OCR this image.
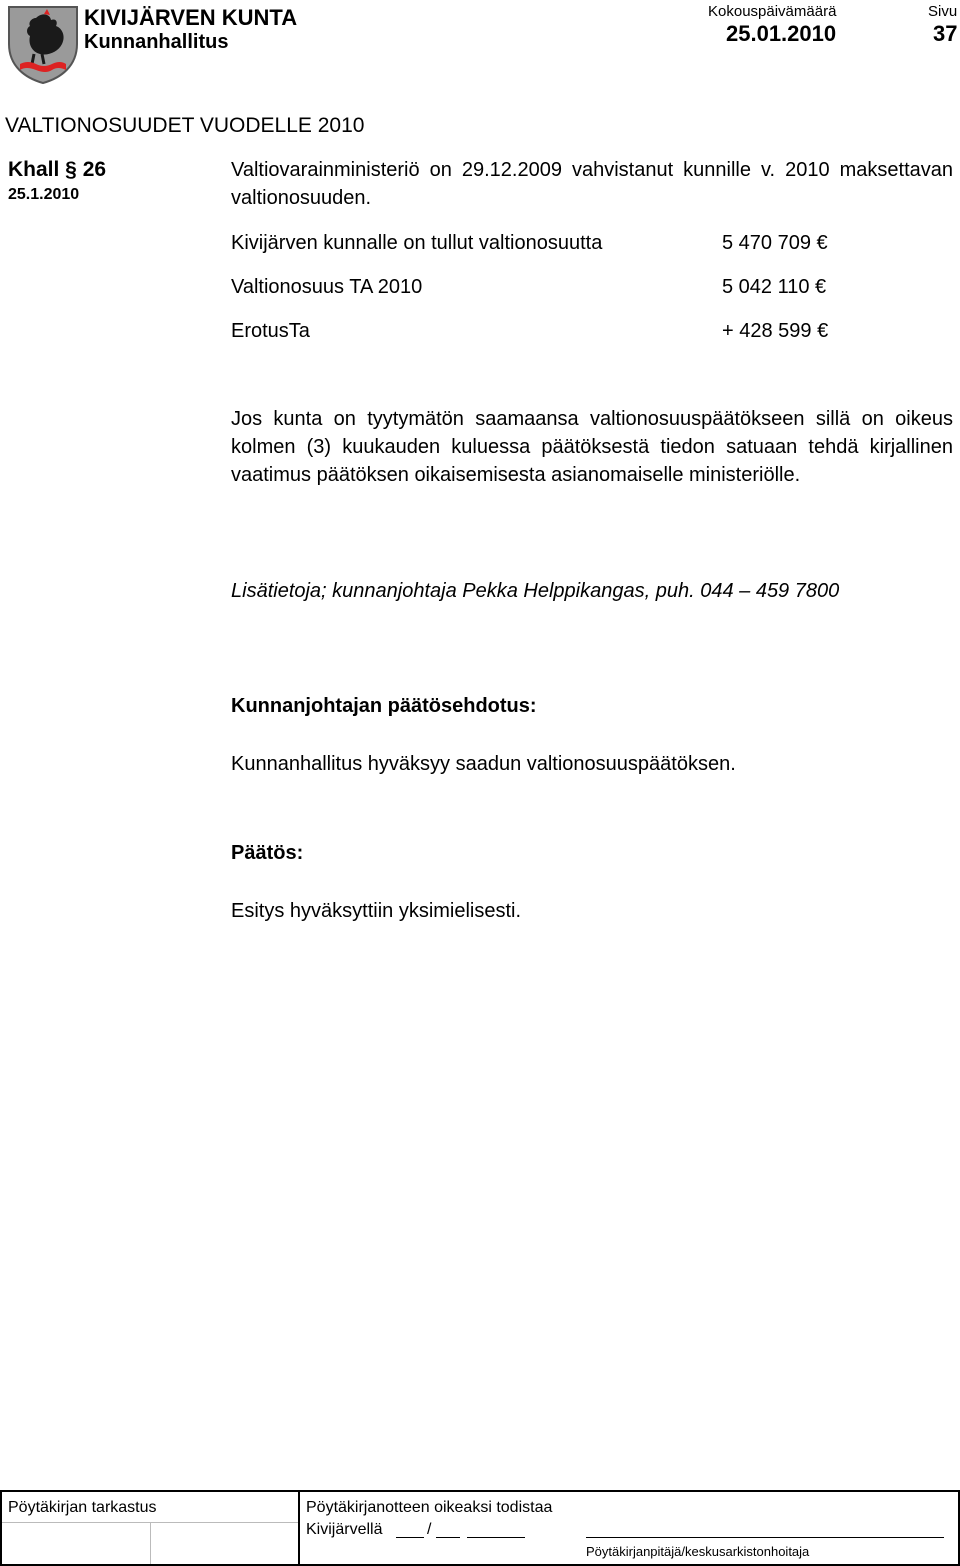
KIVIJÄRVEN KUNTA
Kunnanhallitus
Kokouspäivämäärä
25.01.2010
Sivu
37
VALTIONOSUUDET VUODELLE 2010
Khall § 26
25.1.2010
Valtiovarainministeriö on 29.12.2009 vahvistanut kunnille v. 2010 maksettavan valtionosuuden.
Kivijärven kunnalle on tullut valtionosuutta	5 470 709 €
Valtionosuus TA 2010	5 042 110 €
ErotusTa	+ 428 599 €
Jos kunta on tyytymätön saamaansa valtionosuuspäätökseen sillä on oikeus kolmen (3) kuukauden kuluessa päätöksestä tiedon satuaan tehdä kirjallinen vaatimus päätöksen oikaisemisesta asianomaiselle ministeriölle.
Lisätietoja; kunnanjohtaja Pekka Helppikangas, puh. 044 – 459 7800
Kunnanjohtajan päätösehdotus:
Kunnanhallitus hyväksyy saadun valtionosuuspäätöksen.
Päätös:
Esitys hyväksyttiin yksimielisesti.
Pöytäkirjan tarkastus	Pöytäkirjanotteen oikeaksi todistaa
Kivijärvellä	/
Pöytäkirjanpitäjä/keskusarkistonhoitaja
